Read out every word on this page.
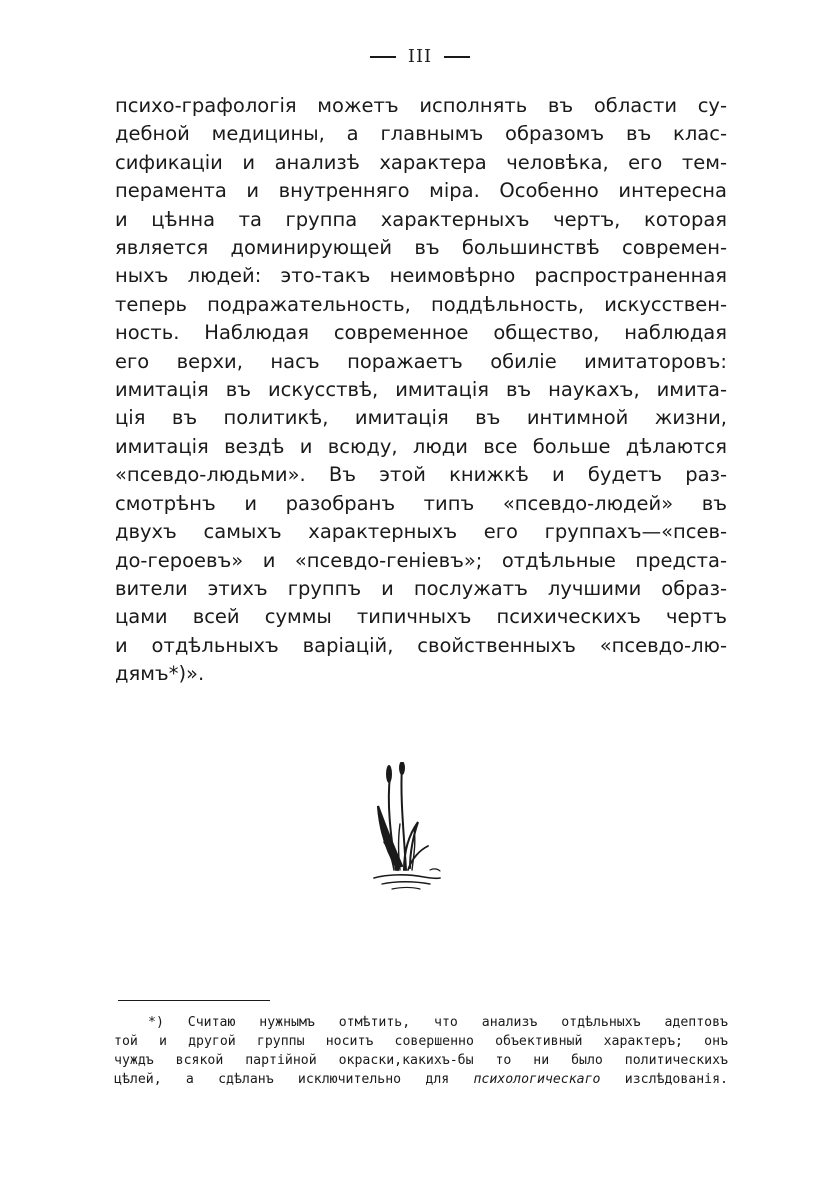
III
психо-графологія можетъ исполнять въ области су-
дебной медицины, а главнымъ образомъ въ клас-
сификаціи и анализѣ характера человѣка, его тем-
перамента и внутренняго міра. Особенно интересна
и цѣнна та группа характерныхъ чертъ, которая
является доминирующей въ большинствѣ современ-
ныхъ людей: это-такъ неимовѣрно распространенная
теперь подражательность, поддѣльность, искусствен-
ность. Наблюдая современное общество, наблюдая
его верхи, насъ поражаетъ обиліе имитаторовъ:
имитація въ искусствѣ, имитація въ наукахъ, имита-
ція въ политикѣ, имитація въ интимной жизни,
имитація вездѣ и всюду, люди все больше дѣлаются
«псевдо-людьми». Въ этой книжкѣ и будетъ раз-
смотрѣнъ и разобранъ типъ «псевдо-людей» въ
двухъ самыхъ характерныхъ его группахъ—«псев-
до-героевъ» и «псевдо-геніевъ»; отдѣльные предста-
вители этихъ группъ и послужатъ лучшими образ-
цами всей суммы типичныхъ психическихъ чертъ
и отдѣльныхъ варіацій, свойственныхъ «псевдо-лю-
дямъ*)».
*) Считаю нужнымъ отмѣтить, что анализъ отдѣльныхъ адептовъ
той и другой группы носитъ совершенно объективный характеръ; онъ
чуждъ всякой партійной окраски,какихъ-бы то ни было политическихъ
цѣлей, а сдѣланъ исключительно для психологическаго изслѣдованія.
